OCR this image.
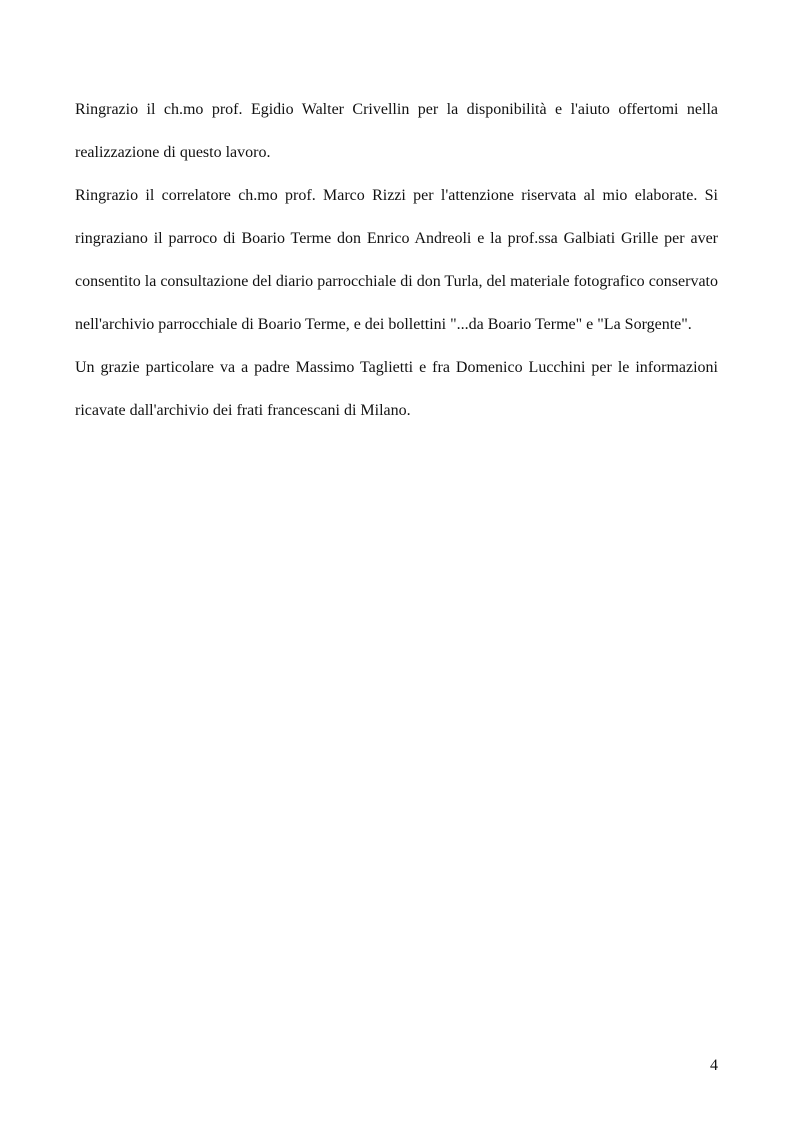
Ringrazio il ch.mo prof. Egidio Walter Crivellin per la disponibilità e l'aiuto offertomi nella realizzazione di questo lavoro.

Ringrazio il correlatore ch.mo prof. Marco Rizzi per l'attenzione riservata al mio elaborate. Si ringraziano il parroco di Boario Terme don Enrico Andreoli e la prof.ssa Galbiati Grille per aver consentito la consultazione del diario parrocchiale di don Turla, del materiale fotografico conservato nell'archivio parrocchiale di Boario Terme, e dei bollettini "...da Boario Terme" e "La Sorgente".

Un grazie particolare va a padre Massimo Taglietti e fra Domenico Lucchini per le informazioni ricavate dall'archivio dei frati francescani di Milano.

4
